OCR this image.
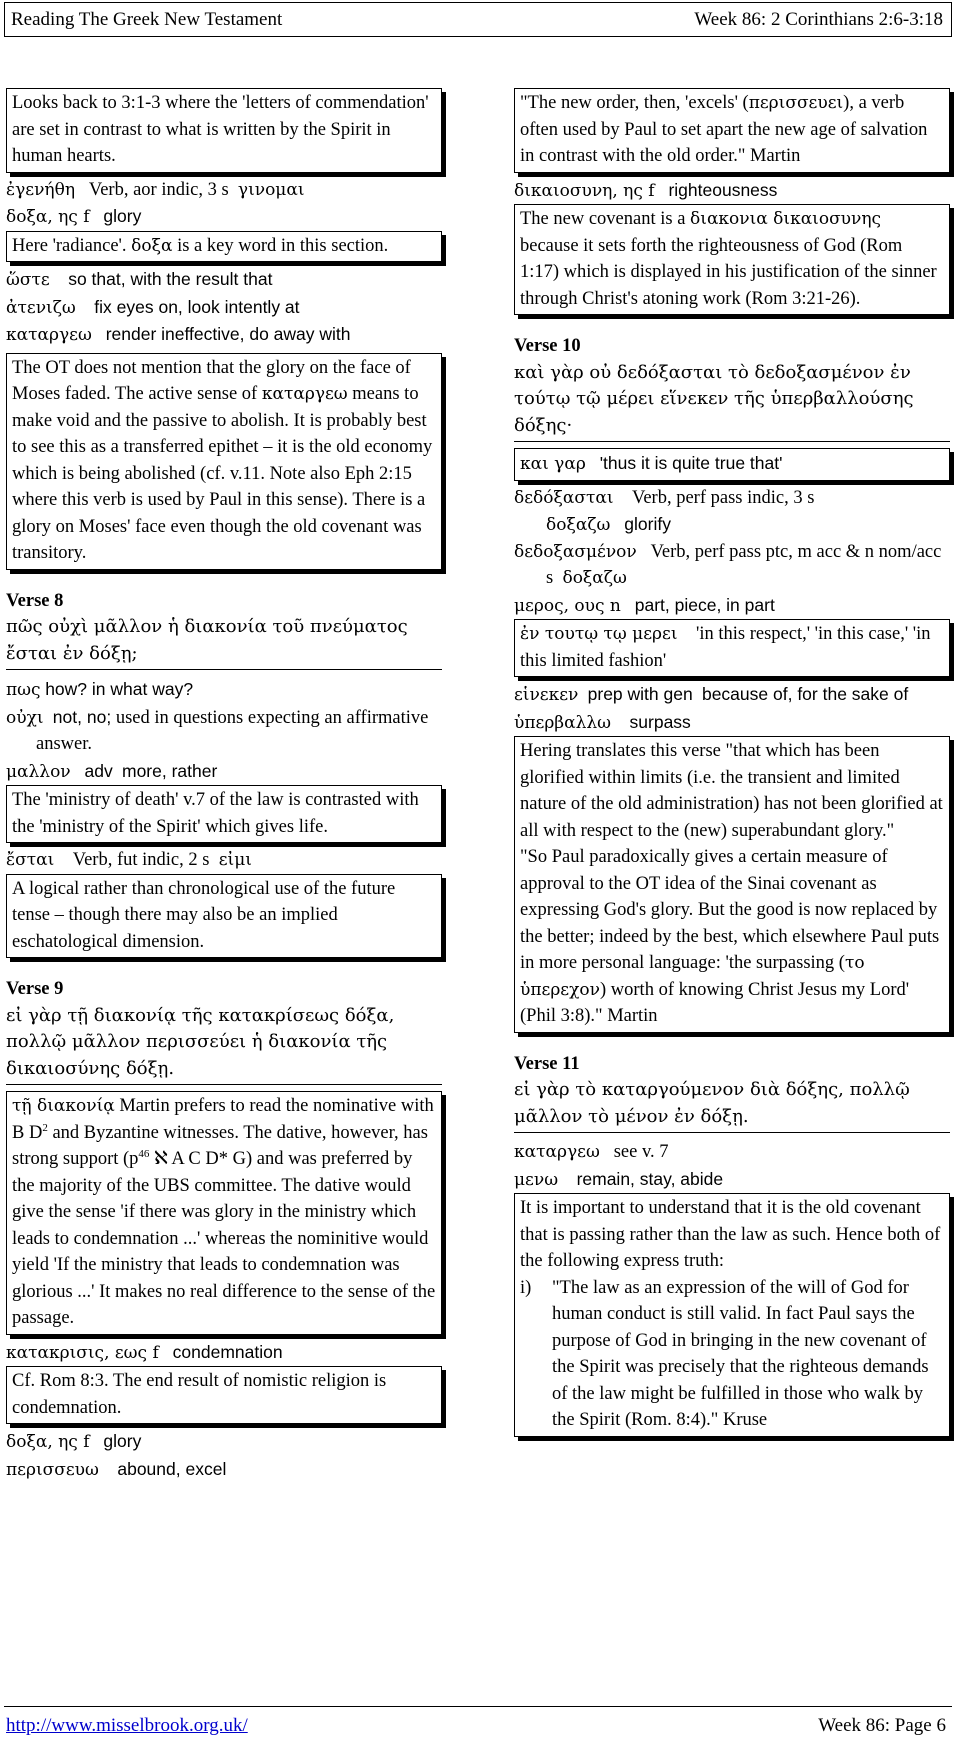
Reading The Greek New Testament	Week 86: 2 Corinthians 2:6-3:18
Looks back to 3:1-3 where the 'letters of commendation' are set in contrast to what is written by the Spirit in human hearts.
ἐγενήθη Verb, aor indic, 3 s γινομαι
δοξα, ης f glory
Here 'radiance'. δοξα is a key word in this section.
ὥστε so that, with the result that
ἀτενιζω fix eyes on, look intently at
καταργεω render ineffective, do away with
The OT does not mention that the glory on the face of Moses faded. The active sense of καταργεω means to make void and the passive to abolish. It is probably best to see this as a transferred epithet – it is the old economy which is being abolished (cf. v.11. Note also Eph 2:15 where this verb is used by Paul in this sense). There is a glory on Moses' face even though the old covenant was transitory.
Verse 8
πῶς οὐχὶ μᾶλλον ἡ διακονία τοῦ πνεύματος ἔσται ἐν δόξῃ;
πως how? in what way?
οὐχι not, no; used in questions expecting an affirmative answer.
μαλλον adv more, rather
The 'ministry of death' v.7 of the law is contrasted with the 'ministry of the Spirit' which gives life.
ἔσται Verb, fut indic, 2 s εἰμι
A logical rather than chronological use of the future tense – though there may also be an implied eschatological dimension.
Verse 9
εἰ γὰρ τῇ διακονίᾳ τῆς κατακρίσεως δόξα, πολλῷ μᾶλλον περισσεύει ἡ διακονία τῆς δικαιοσύνης δόξῃ.
τῇ διακονίᾳ Martin prefers to read the nominative with B $D^2$ and Byzantine witnesses. The dative, however, has strong support ($p^{46}$ ℵ A C D* G) and was preferred by the majority of the UBS committee. The dative would give the sense 'if there was glory in the ministry which leads to condemnation ...' whereas the nominitive would yield 'If the ministry that leads to condemnation was glorious ...' It makes no real difference to the sense of the passage.
κατακρισις, εως f condemnation
Cf. Rom 8:3. The end result of nomistic religion is condemnation.
δοξα, ης f glory
περισσευω abound, excel
"The new order, then, 'excels' (περισσευει), a verb often used by Paul to set apart the new age of salvation in contrast with the old order." Martin
δικαιοσυνη, ης f righteousness
The new covenant is a διακονια δικαιοσυνης because it sets forth the righteousness of God (Rom 1:17) which is displayed in his justification of the sinner through Christ's atoning work (Rom 3:21-26).
Verse 10
καὶ γὰρ οὐ δεδόξασται τὸ δεδοξασμένον ἐν τούτῳ τῷ μέρει εἵνεκεν τῆς ὑπερβαλλούσης δόξης·
και γαρ 'thus it is quite true that'
δεδόξασται Verb, perf pass indic, 3 s
δοξαζω glorify
δεδοξασμένον Verb, perf pass ptc, m acc & n nom/acc s δοξαζω
μερος, ους n part, piece, in part
ἐν τουτῳ τῳ μερει 'in this respect,' 'in this case,' 'in this limited fashion'
εἱνεκεν prep with gen because of, for the sake of
ὑπερβαλλω surpass
Hering translates this verse "that which has been glorified within limits (i.e. the transient and limited nature of the old administration) has not been glorified at all with respect to the (new) superabundant glory."
"So Paul paradoxically gives a certain measure of approval to the OT idea of the Sinai covenant as expressing God's glory. But the good is now replaced by the better; indeed by the best, which elsewhere Paul puts in more personal language: 'the surpassing (το ὑπερεχον) worth of knowing Christ Jesus my Lord' (Phil 3:8)." Martin
Verse 11
εἰ γὰρ τὸ καταργούμενον διὰ δόξης, πολλῷ μᾶλλον τὸ μένον ἐν δόξῃ.
καταργεω see v. 7
μενω remain, stay, abide
It is important to understand that it is the old covenant that is passing rather than the law as such. Hence both of the following express truth:
i)	"The law as an expression of the will of God for human conduct is still valid. In fact Paul says the purpose of God in bringing in the new covenant of the Spirit was precisely that the righteous demands of the law might be fulfilled in those who walk by the Spirit (Rom. 8:4)." Kruse
http://www.misselbrook.org.uk/	Week 86: Page 6
